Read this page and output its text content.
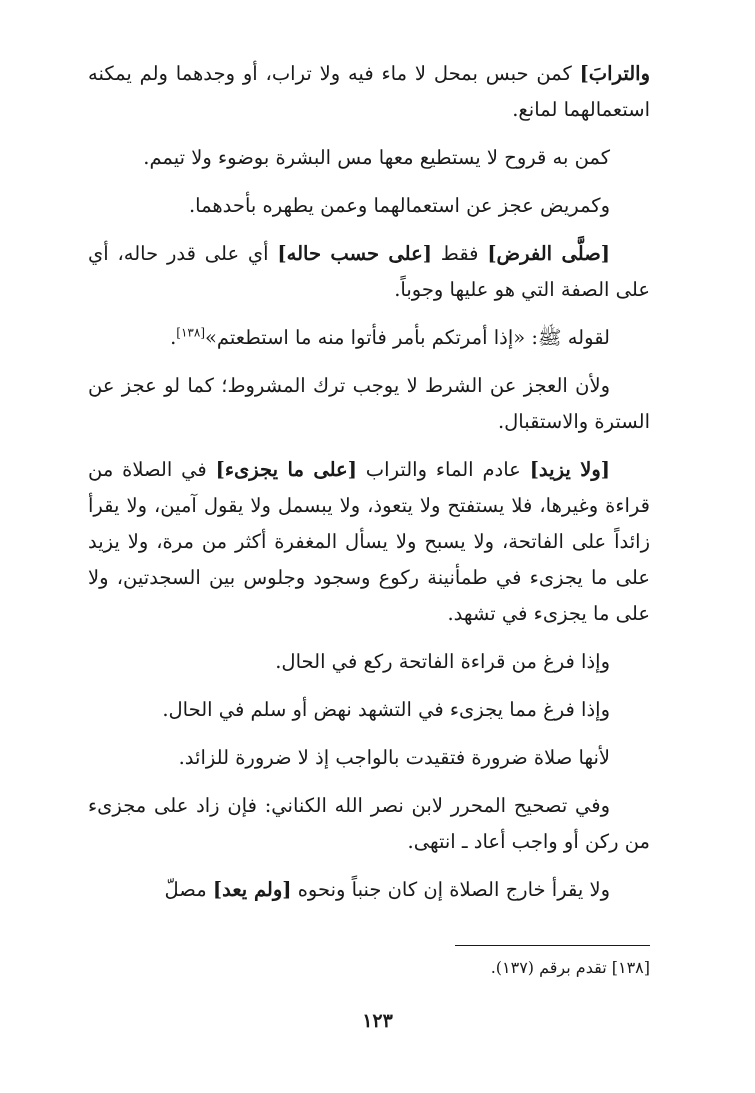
والترابَ] كمن حبس بمحل لا ماء فيه ولا تراب، أو وجدهما ولم يمكنه استعمالهما لمانع.

كمن به قروح لا يستطيع معها مس البشرة بوضوء ولا تيمم.

وكمريض عجز عن استعمالهما وعمن يطهره بأحدهما.

[صلَّى الفرض] فقط [على حسب حاله] أي على قدر حاله، أي على الصفة التي هو عليها وجوباً.

لقوله ﷺ: «إذا أمرتكم بأمر فأتوا منه ما استطعتم»[١٣٨].

ولأن العجز عن الشرط لا يوجب ترك المشروط؛ كما لو عجز عن السترة والاستقبال.

[ولا يزيد] عادم الماء والتراب [على ما يجزىء] في الصلاة من قراءة وغيرها، فلا يستفتح ولا يتعوذ، ولا يبسمل ولا يقول آمين، ولا يقرأ زائداً على الفاتحة، ولا يسبح ولا يسأل المغفرة أكثر من مرة، ولا يزيد على ما يجزىء في طمأنينة ركوع وسجود وجلوس بين السجدتين، ولا على ما يجزىء في تشهد.

وإذا فرغ من قراءة الفاتحة ركع في الحال.

وإذا فرغ مما يجزىء في التشهد نهض أو سلم في الحال.

لأنها صلاة ضرورة فتقيدت بالواجب إذ لا ضرورة للزائد.

وفي تصحيح المحرر لابن نصر الله الكناني: فإن زاد على مجزىء من ركن أو واجب أعاد ـ انتهى.

ولا يقرأ خارج الصلاة إن كان جنباً ونحوه [ولم يعد] مصلّ

[١٣٨] تقدم برقم (١٣٧).
١٢٣
